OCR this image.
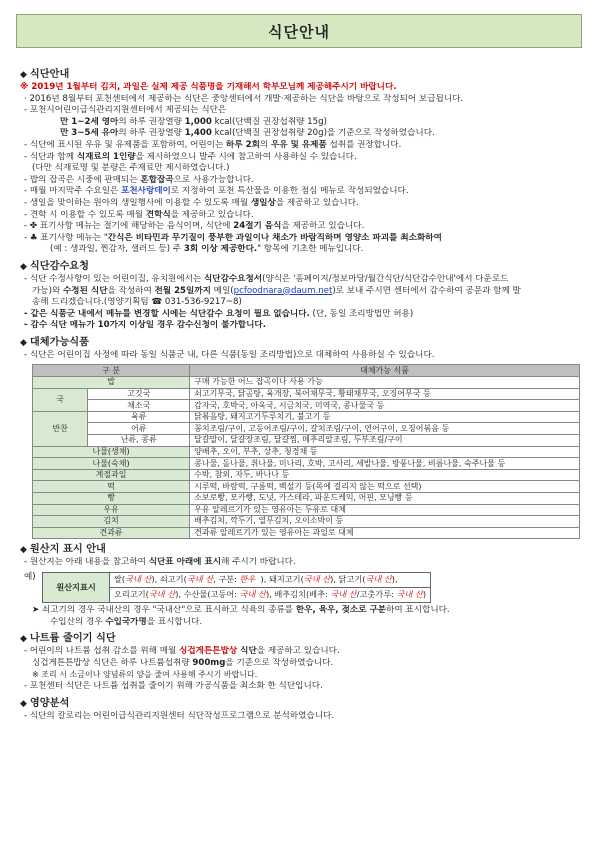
식단안내
◆ 식단안내
※ 2019년 1월부터 김치, 과일은 실제 제공 식품명을 기재해서 학부모님께 제공해주시기 바랍니다.
· 2016년 8월부터 포천센터에서 제공하는 식단은 중앙센터에서 개발·제공하는 식단을 바탕으로 작성되어 보급됩니다.
- 포천시어린이급식관리지원센터에서 제공되는 식단은
만 1~2세 영아의 하루 권장열량 1,000 kcal(단백질 권장섭취량 15g)
만 3~5세 유아의 하루 권장열량 1,400 kcal(단백질 권장섭취량 20g)을 기준으로 작성하였습니다.
- 식단에 표시된 우유 및 유제품을 포함하여, 어린이는 하루 2회의 우유 및 유제품 섭취를 권장합니다.
- 식단과 함께 식재료의 1인량을 제시하였으니 발주 시에 참고하여 사용하실 수 있습니다.
(다만 식재료명 및 분량은 주재료만 제시하였습니다.)
- 밥의 잡곡은 시중에 판매되는 혼합잡곡으로 사용가능합니다.
- 매월 마지막주 수요일은 포천사랑데이로 지정하여 포천 특산물을 이용한 점심 메뉴로 작성되었습니다.
- 생일을 맞이하는 원아의 생일행사에 이용할 수 있도록 매월 생일상을 제공하고 있습니다.
- 견학 시 이용할 수 있도록 매월 견학식을 제공하고 있습니다.
- ✤ 표기사항 메뉴는 절기에 해당하는 음식이며, 식단에 24절기 음식을 제공하고 있습니다.
- ♣ 표기사항 메뉴는 "간식은 비타민과 무기질이 풍부한 과일이나 채소가 바람직하며 영양소 파괴를 최소화하여
(예 : 생과일, 찐감자, 샐러드 등) 주 3회 이상 제공한다." 항목에 기초한 메뉴입니다.
◆ 식단감수요청
- 식단 수정사항이 있는 어린이집, 유치원에서는 식단감수요청서(양식은 '홈페이지/정보마당/월간식단/식단감수안내'에서 다운로드
가능)와 수정된 식단을 작성하여 전월 25일까지 메일(pcfoodnara@daum.net)로 보내 주시면 센터에서 감수하여 공문과 함께 발
송해 드리겠습니다.(영양기획팀 ☎ 031-536-9217~8)
- 같은 식품군 내에서 메뉴를 변경할 시에는 식단감수 요청이 필요 없습니다. (단, 동일 조리방법만 허용)
- 감수 식단 메뉴가 10가지 이상일 경우 감수신청이 불가합니다.
◆ 대체가능식품
- 식단은 어린이집 사정에 따라 동일 식품군 내, 다른 식품(동일 조리방법)으로 대체하여 사용하실 수 있습니다.
구 분		대체가능 식품
밥		구매 가능한 어느 잡곡이나 사용 가능
국	고깃국	쇠고기무국, 닭곰탕, 육개장, 북어채무국, 황태채무국, 오징어무국 등
	채소국	감자국, 호박국, 아욱국, 시금치국, 미역국, 콩나물국 등
반찬	육류	닭볶음탕, 돼지고기두루치기, 불고기 등
	어류	꽁치조림/구이, 고등어조림/구이, 갈치조림/구이, 연어구이, 오징어볶음 등
	난류, 콩류	달걀말이, 달걀장조림, 달걀찜, 메추리알조림, 두부조림/구이
나물(생채)		양배추, 오이, 부추, 상추, 청경채 등
나물(숙채)		콩나물, 돌나물, 취나물, 미나리, 호박, 고사리, 세발나물, 방풍나물, 비름나물, 숙주나물 등
계절과일		수박, 참외, 자두, 바나나 등
떡		시루떡, 바람떡, 구름떡, 백설기 등(목에 걸리지 않는 떡으로 선택)
빵		소보로빵, 모카빵, 도넛, 카스테라, 파운드케익, 머핀, 모닝빵 등
우유		우유 알레르기가 있는 영유아는 두유로 대체
김치		배추김치, 깍두기, 열무김치, 오이소박이 등
견과류		견과류 알레르기가 있는 영유아는 과일로 대체
◆ 원산지 표시 안내
- 원산지는 아래 내용을 참고하여 식단표 아래에 표시해 주시기 바랍니다.
예)
원산지표시	쌀(국내 산), 쇠고기(국내 산, 구분: 한우  ), 돼지고기(국내 산), 닭고기(국내 산),
오리고기(국내 산), 수산물(고등어: 국내 산), 배추김치(배추: 국내 산/고춧가루: 국내 산)
➤ 쇠고기의 경우 국내산의 경우 "국내산"으로 표시하고 식육의 종류를 한우, 육우, 젖소로 구분하여 표시합니다.
수입산의 경우 수입국가명을 표시합니다.
◆ 나트륨 줄이기 식단
- 어린이의 나트륨 섭취 감소를 위해 매월 싱겁게튼튼밥상 식단을 제공하고 있습니다.
싱겁게튼튼밥상 식단은 하루 나트륨섭취량 900mg을 기준으로 작성하였습니다.
※ 조리 시 소금이나 양념류의 양을 줄여 사용해 주시기 바랍니다.
- 포천센터 식단은 나트륨 섭취를 줄이기 위해 가공식품을 최소화 한 식단입니다.
◆ 영양분석
- 식단의 칼로리는 어린이급식관리지원센터 식단작성프로그램으로 분석하였습니다.
